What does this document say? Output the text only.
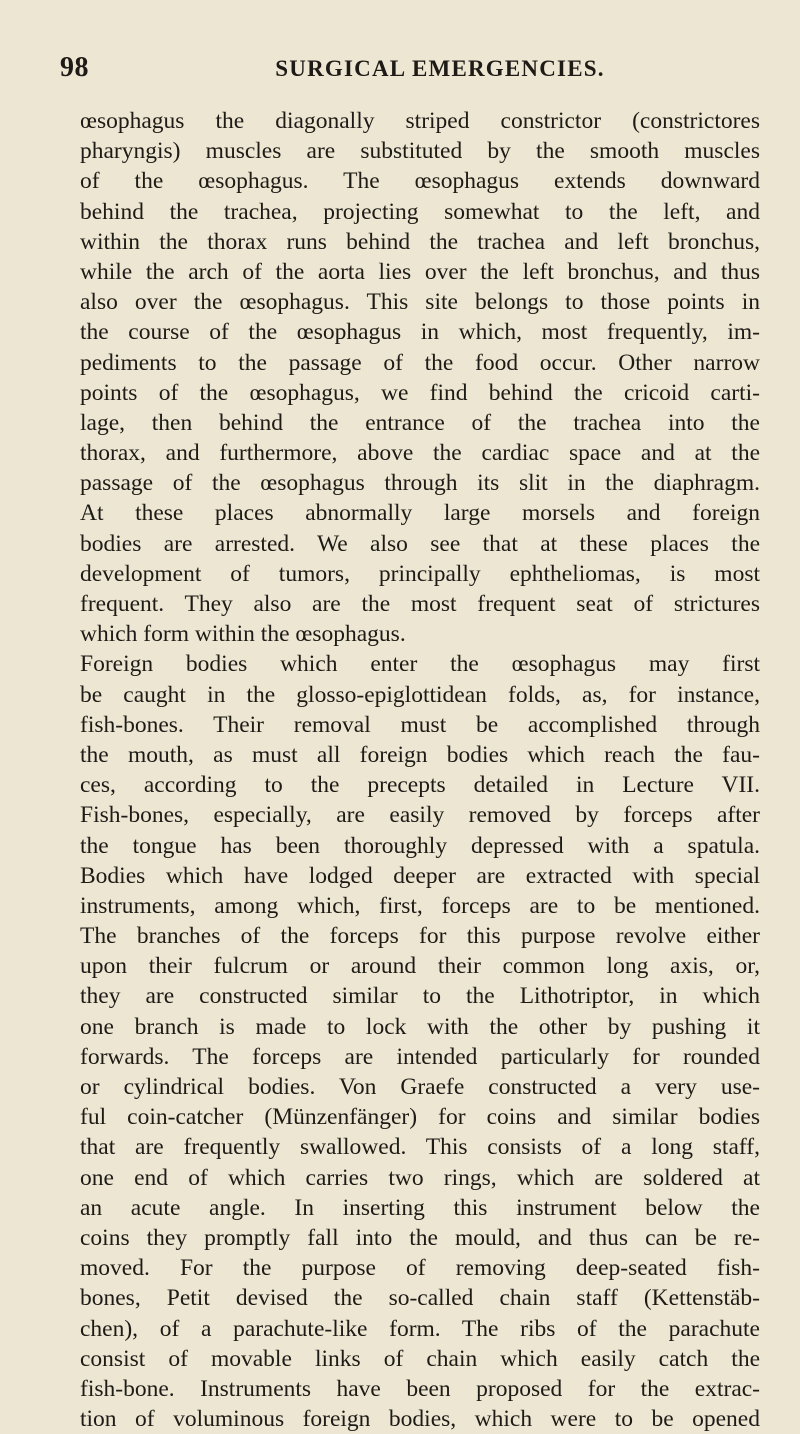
98	SURGICAL EMERGENCIES.
œsophagus the diagonally striped constrictor (constrictores
pharyngis) muscles are substituted by the smooth muscles
of the œsophagus. The œsophagus extends downward
behind the trachea, projecting somewhat to the left, and
within the thorax runs behind the trachea and left bronchus,
while the arch of the aorta lies over the left bronchus, and thus
also over the œsophagus. This site belongs to those points in
the course of the œsophagus in which, most frequently, im-
pediments to the passage of the food occur. Other narrow
points of the œsophagus, we find behind the cricoid carti-
lage, then behind the entrance of the trachea into the
thorax, and furthermore, above the cardiac space and at the
passage of the œsophagus through its slit in the diaphragm.
At these places abnormally large morsels and foreign
bodies are arrested. We also see that at these places the
development of tumors, principally ephtheliomas, is most
frequent. They also are the most frequent seat of strictures
which form within the œsophagus.
Foreign bodies which enter the œsophagus may first
be caught in the glosso-epiglottidean folds, as, for instance,
fish-bones. Their removal must be accomplished through
the mouth, as must all foreign bodies which reach the fau-
ces, according to the precepts detailed in Lecture VII.
Fish-bones, especially, are easily removed by forceps after
the tongue has been thoroughly depressed with a spatula.
Bodies which have lodged deeper are extracted with special
instruments, among which, first, forceps are to be mentioned.
The branches of the forceps for this purpose revolve either
upon their fulcrum or around their common long axis, or,
they are constructed similar to the Lithotriptor, in which
one branch is made to lock with the other by pushing it
forwards. The forceps are intended particularly for rounded
or cylindrical bodies. Von Graefe constructed a very use-
ful coin-catcher (Münzenfänger) for coins and similar bodies
that are frequently swallowed. This consists of a long staff,
one end of which carries two rings, which are soldered at
an acute angle. In inserting this instrument below the
coins they promptly fall into the mould, and thus can be re-
moved. For the purpose of removing deep-seated fish-
bones, Petit devised the so-called chain staff (Kettenstäb-
chen), of a parachute-like form. The ribs of the parachute
consist of movable links of chain which easily catch the
fish-bone. Instruments have been proposed for the extrac-
tion of voluminous foreign bodies, which were to be opened
